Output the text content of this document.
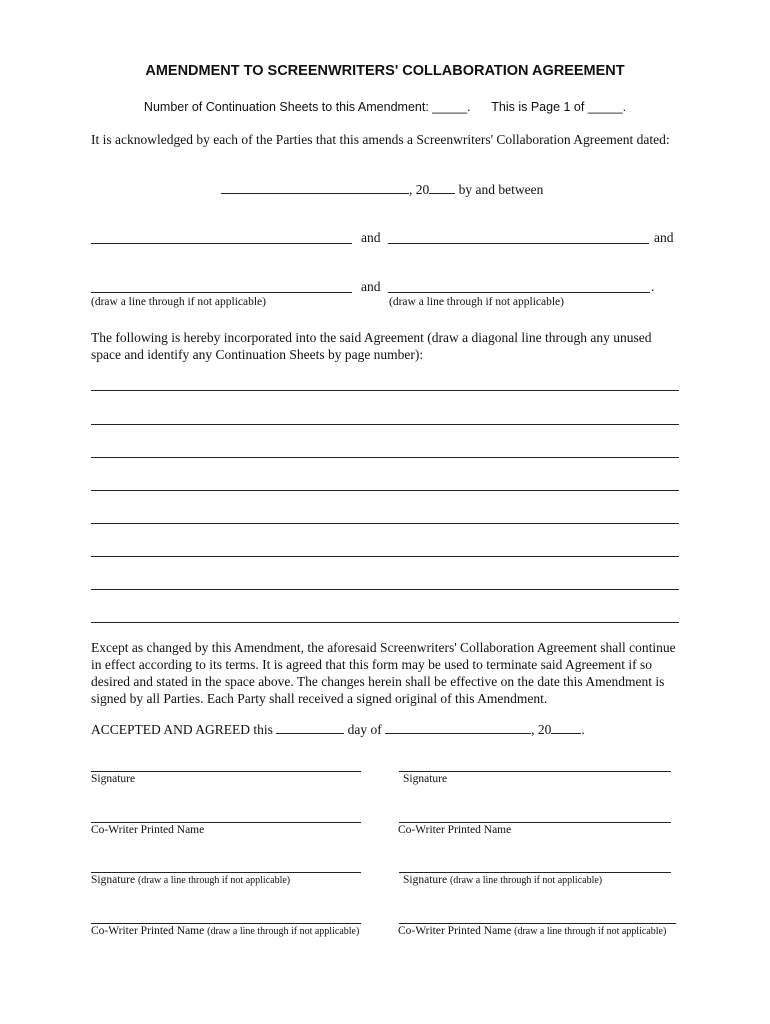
AMENDMENT TO SCREENWRITERS' COLLABORATION AGREEMENT
Number of Continuation Sheets to this Amendment: _____. This is Page 1 of _____.
It is acknowledged by each of the Parties that this amends a Screenwriters' Collaboration Agreement dated:
, 20 by and between
and	and
and	.
(draw a line through if not applicable)	(draw a line through if not applicable)
The following is hereby incorporated into the said Agreement (draw a diagonal line through any unused space and identify any Continuation Sheets by page number):
Except as changed by this Amendment, the aforesaid Screenwriters' Collaboration Agreement shall continue in effect according to its terms. It is agreed that this form may be used to terminate said Agreement if so desired and stated in the space above. The changes herein shall be effective on the date this Amendment is signed by all Parties. Each Party shall received a signed original of this Amendment.
ACCEPTED AND AGREED this	day of	, 20 .
Signature	Signature
Co-Writer Printed Name	Co-Writer Printed Name
Signature (draw a line through if not applicable)	Signature (draw a line through if not applicable)
Co-Writer Printed Name (draw a line through if not applicable)	Co-Writer Printed Name (draw a line through if not applicable)
